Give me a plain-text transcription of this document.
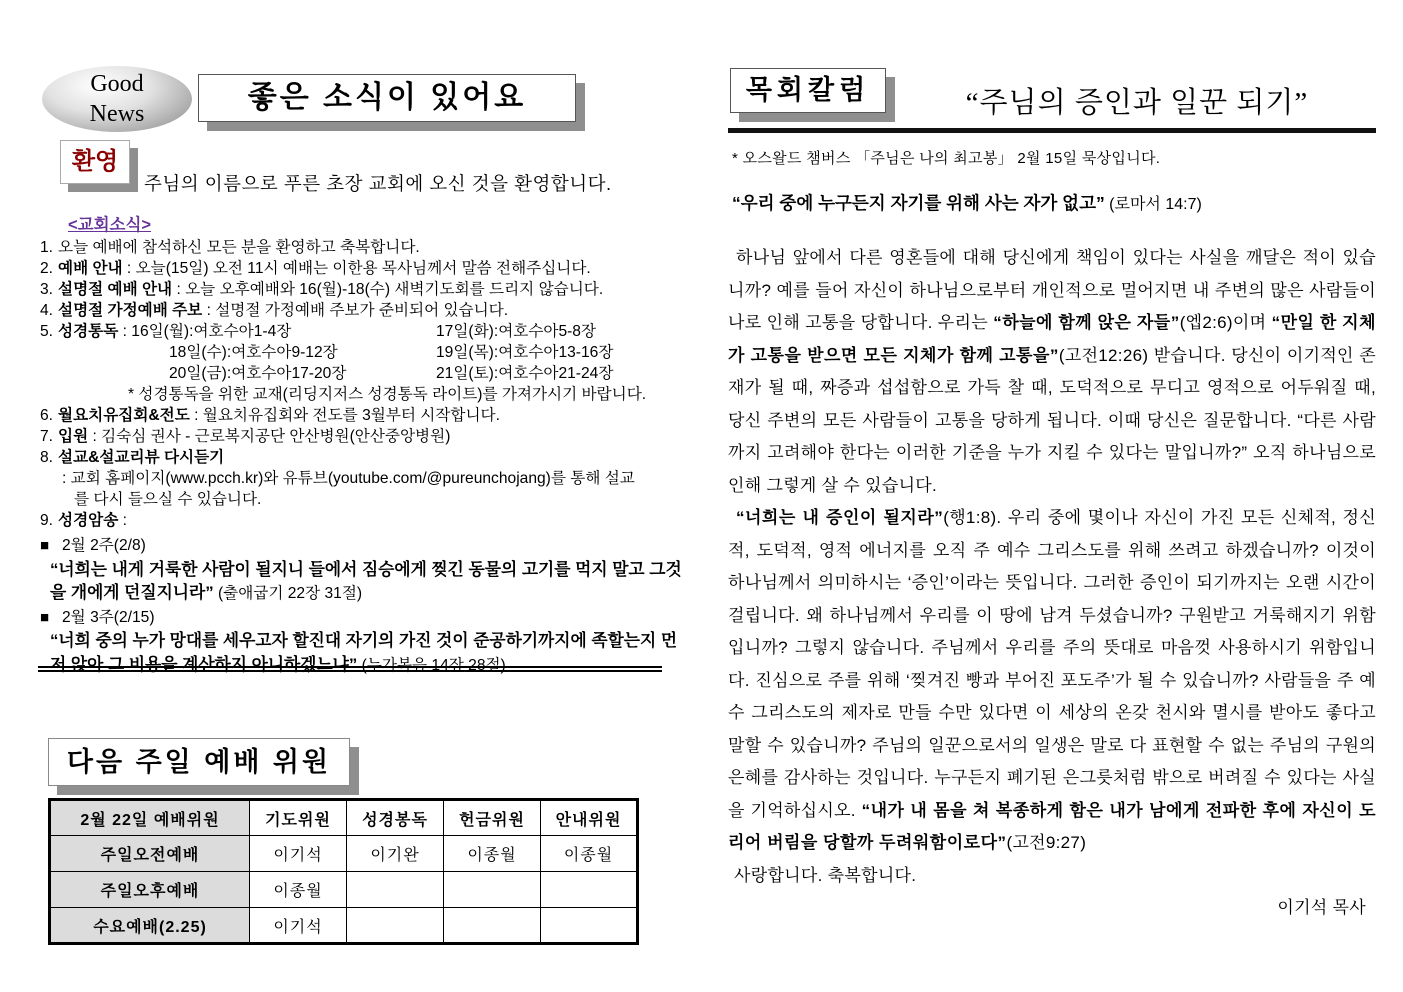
Good
News	좋은 소식이 있어요
환영
주님의 이름으로 푸른 초장 교회에 오신 것을 환영합니다.
<교회소식>
1. 오늘 예배에 참석하신 모든 분을 환영하고 축복합니다.
2. 예배 안내 : 오늘(15일) 오전 11시 예배는 이한용 목사님께서 말씀 전해주십니다.
3. 설명절 예배 안내 : 오늘 오후예배와 16(월)-18(수) 새벽기도회를 드리지 않습니다.
4. 설명절 가정예배 주보 : 설명절 가정예배 주보가 준비되어 있습니다.
5. 성경통독 : 16일(월):여호수아1-4장	17일(화):여호수아5-8장
18일(수):여호수아9-12장	19일(목):여호수아13-16장
20일(금):여호수아17-20장	21일(토):여호수아21-24장
* 성경통독을 위한 교재(리딩지저스 성경통독 라이트)를 가져가시기 바랍니다.
6. 월요치유집회&전도 : 월요치유집회와 전도를 3월부터 시작합니다.
7. 입원 : 김숙심 권사 - 근로복지공단 안산병원(안산중앙병원)
8. 설교&설교리뷰 다시듣기
: 교회 홈페이지(www.pcch.kr)와 유튜브(youtube.com/@pureunchojang)를 통해 설교
를 다시 들으실 수 있습니다.
9. 성경암송 :
■ 2월 2주(2/8)
“너희는 내게 거룩한 사람이 될지니 들에서 짐승에게 찢긴 동물의 고기를 먹지 말고 그것을 개에게 던질지니라” (출애굽기 22장 31절)
■ 2월 3주(2/15)
“너희 중의 누가 망대를 세우고자 할진대 자기의 가진 것이 준공하기까지에 족할는지 먼저 앉아 그 비용을 계산하지 아니하겠느냐” (누가복음 14장 28절)
다음 주일 예배 위원
2월 22일 예배위원	기도위원	성경봉독	헌금위원	안내위원
주일오전예배	이기석	이기완	이종월	이종월
주일오후예배	이종월			
수요예배(2.25)	이기석			
목회칼럼	“주님의 증인과 일꾼 되기”
* 오스왈드 챔버스 「주님은 나의 최고봉」 2월 15일 묵상입니다.
“우리 중에 누구든지 자기를 위해 사는 자가 없고” (로마서 14:7)
하나님 앞에서 다른 영혼들에 대해 당신에게 책임이 있다는 사실을 깨달은 적이 있습니까? 예를 들어 자신이 하나님으로부터 개인적으로 멀어지면 내 주변의 많은 사람들이 나로 인해 고통을 당합니다. 우리는 “하늘에 함께 앉은 자들”(엡2:6)이며 “만일 한 지체가 고통을 받으면 모든 지체가 함께 고통을”(고전12:26) 받습니다. 당신이 이기적인 존재가 될 때, 짜증과 섭섭함으로 가득 찰 때, 도덕적으로 무디고 영적으로 어두워질 때, 당신 주변의 모든 사람들이 고통을 당하게 됩니다. 이때 당신은 질문합니다. “다른 사람까지 고려해야 한다는 이러한 기준을 누가 지킬 수 있다는 말입니까?” 오직 하나님으로 인해 그렇게 살 수 있습니다.
“너희는 내 증인이 될지라”(행1:8). 우리 중에 몇이나 자신이 가진 모든 신체적, 정신적, 도덕적, 영적 에너지를 오직 주 예수 그리스도를 위해 쓰려고 하겠습니까? 이것이 하나님께서 의미하시는 ‘증인’이라는 뜻입니다. 그러한 증인이 되기까지는 오랜 시간이 걸립니다. 왜 하나님께서 우리를 이 땅에 남겨 두셨습니까? 구원받고 거룩해지기 위함입니까? 그렇지 않습니다. 주님께서 우리를 주의 뜻대로 마음껏 사용하시기 위함입니다. 진심으로 주를 위해 ‘찢겨진 빵과 부어진 포도주’가 될 수 있습니까? 사람들을 주 예수 그리스도의 제자로 만들 수만 있다면 이 세상의 온갖 천시와 멸시를 받아도 좋다고 말할 수 있습니까? 주님의 일꾼으로서의 일생은 말로 다 표현할 수 없는 주님의 구원의 은혜를 감사하는 것입니다. 누구든지 폐기된 은그릇처럼 밖으로 버려질 수 있다는 사실을 기억하십시오. “내가 내 몸을 쳐 복종하게 함은 내가 남에게 전파한 후에 자신이 도리어 버림을 당할까 두려워함이로다”(고전9:27)
사랑합니다. 축복합니다.
이기석 목사
